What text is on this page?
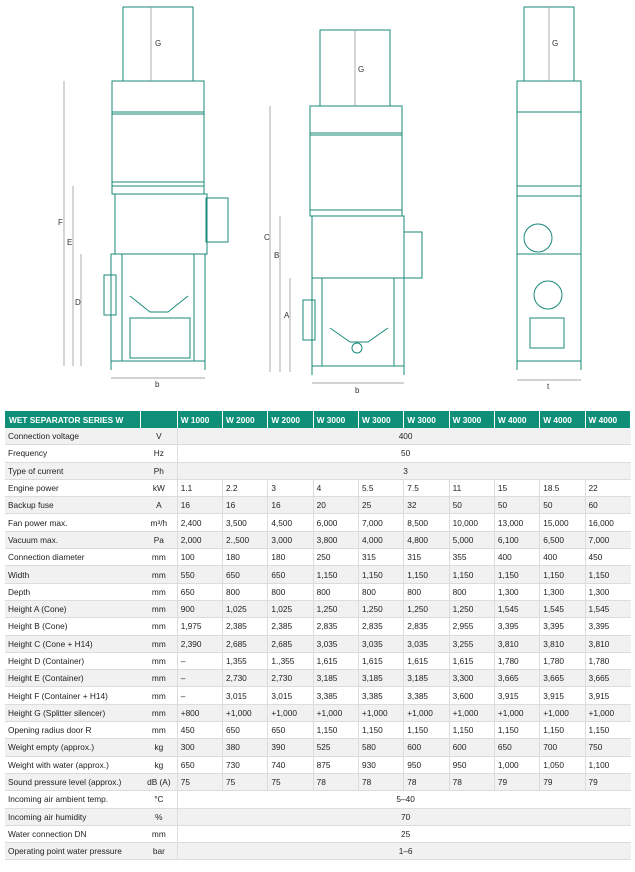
G
F
E
D
b
G
C
B
A
b
G
t
WET SEPARATOR SERIES W		W 1000	W 2000	W 2000	W 3000	W 3000	W 3000	W 3000	W 4000	W 4000	W 4000
Connection voltage	V	400									
Frequency	Hz	50									
Type of current	Ph	3									
Engine power	kW	1.1	2.2	3	4	5.5	7.5	11	15	18.5	22
Backup fuse	A	16	16	16	20	25	32	50	50	50	60
Fan power max.	m³/h	2,400	3,500	4,500	6,000	7,000	8,500	10,000	13,000	15,000	16,000
Vacuum max.	Pa	2,000	2.,500	3,000	3,800	4,000	4,800	5,000	6,100	6,500	7,000
Connection diameter	mm	100	180	180	250	315	315	355	400	400	450
Width	mm	550	650	650	1,150	1,150	1,150	1,150	1,150	1,150	1,150
Depth	mm	650	800	800	800	800	800	800	1,300	1,300	1,300
Height A (Cone)	mm	900	1,025	1,025	1,250	1,250	1,250	1,250	1,545	1,545	1,545
Height B (Cone)	mm	1,975	2,385	2,385	2,835	2,835	2,835	2,955	3,395	3,395	3,395
Height C (Cone + H14)	mm	2,390	2,685	2,685	3,035	3,035	3,035	3,255	3,810	3,810	3,810
Height D (Container)	mm	–	1,355	1.,355	1,615	1,615	1,615	1,615	1,780	1,780	1,780
Height E (Container)	mm	–	2,730	2,730	3,185	3,185	3,185	3,300	3,665	3,665	3,665
Height F (Container + H14)	mm	–	3,015	3,015	3,385	3,385	3,385	3,600	3,915	3,915	3,915
Height G (Splitter silencer)	mm	+800	+1,000	+1,000	+1,000	+1,000	+1,000	+1,000	+1,000	+1,000	+1,000
Opening radius door R	mm	450	650	650	1,150	1,150	1,150	1,150	1,150	1,150	1,150
Weight empty (approx.)	kg	300	380	390	525	580	600	600	650	700	750
Weight with water (approx.)	kg	650	730	740	875	930	950	950	1,000	1,050	1,100
Sound pressure level (approx.)	dB (A)	75	75	75	78	78	78	78	79	79	79
Incoming air ambient temp.	°C	5–40									
Incoming air humidity	%	70									
Water connection DN	mm	25									
Operating point water pressure	bar	1–6									
